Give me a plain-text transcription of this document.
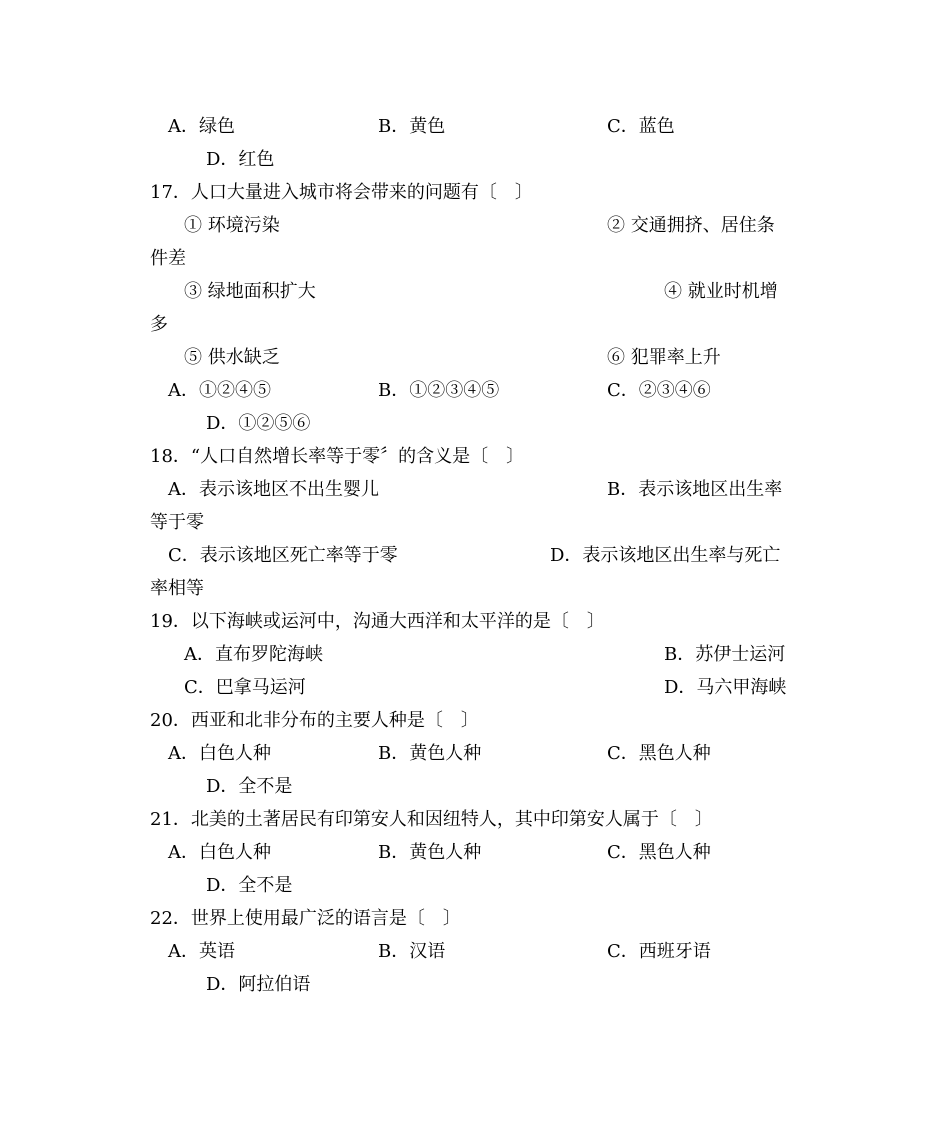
A．绿色	B．黄色	C．蓝色
D．红色
17．人口大量进入城市将会带来的问题有〔　〕
① 环境污染	② 交通拥挤、居住条
件差
③ 绿地面积扩大	④ 就业时机增
多
⑤ 供水缺乏	⑥ 犯罪率上升
A．①②④⑤	B．①②③④⑤	C．②③④⑥
D．①②⑤⑥
18．“人口自然增长率等于零〞的含义是〔　〕
A．表示该地区不出生婴儿	B．表示该地区出生率
等于零
C．表示该地区死亡率等于零	D．表示该地区出生率与死亡
率相等
19．以下海峡或运河中，沟通大西洋和太平洋的是〔　〕
A．直布罗陀海峡	B．苏伊士运河
C．巴拿马运河	D．马六甲海峡
20．西亚和北非分布的主要人种是〔　〕
A．白色人种	B．黄色人种	C．黑色人种
D．全不是
21．北美的土著居民有印第安人和因纽特人，其中印第安人属于〔　〕
A．白色人种	B．黄色人种	C．黑色人种
D．全不是
22．世界上使用最广泛的语言是〔　〕
A．英语	B．汉语	C．西班牙语
D．阿拉伯语
